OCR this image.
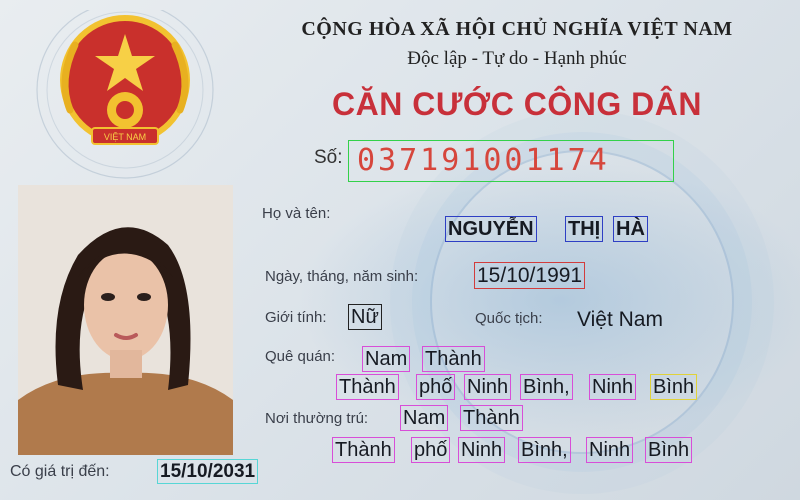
VIỆT NAM
CỘNG HÒA XÃ HỘI CHỦ NGHĨA VIỆT NAM
Độc lập - Tự do - Hạnh phúc
CĂN CƯỚC CÔNG DÂN
Số: 037191001174
Họ và tên:
NGUYỄN THỊ HÀ
Ngày, tháng, năm sinh:	15/10/1991
Giới tính: Nữ	Quốc tịch: Việt Nam
Quê quán: Nam Thành
Thành phố Ninh Bình, Ninh Bình
Nơi thường trú: Nam Thành
Thành phố Ninh Bình, Ninh Bình
Có giá trị đến:	15/10/2031
